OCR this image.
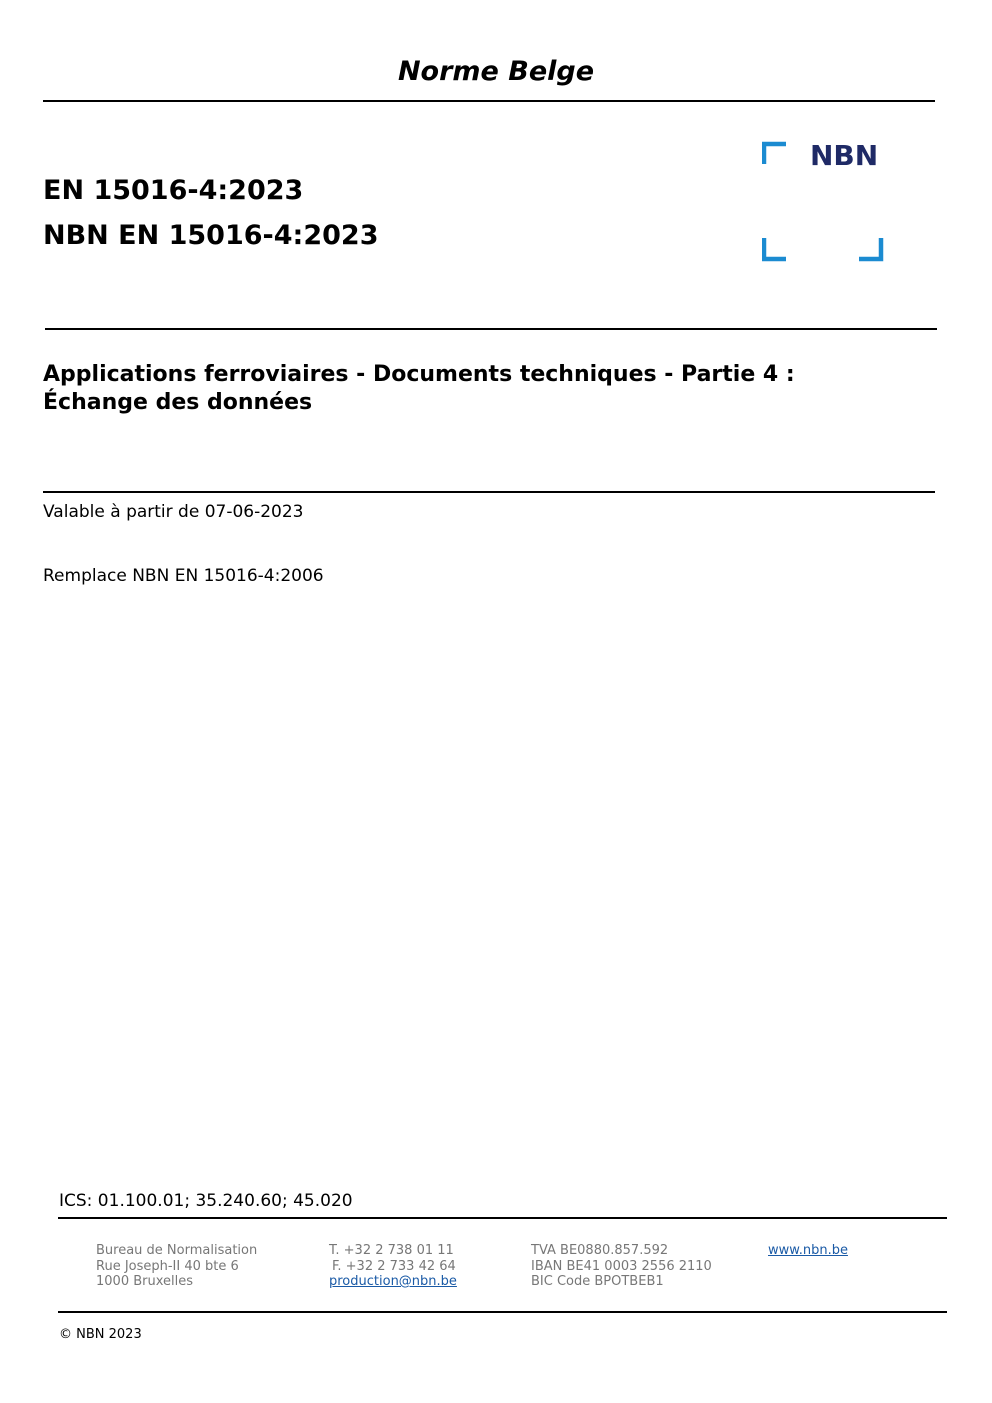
Norme Belge
EN 15016-4:2023
NBN EN 15016-4:2023
NBN
Applications ferroviaires - Documents techniques - Partie 4 :
Échange des données
Valable à partir de 07-06-2023
Remplace NBN EN 15016-4:2006
ICS: 01.100.01; 35.240.60; 45.020
Bureau de Normalisation
Rue Joseph-II 40 bte 6
1000 Bruxelles
T. +32 2 738 01 11
F. +32 2 733 42 64
production@nbn.be
TVA BE0880.857.592
IBAN BE41 0003 2556 2110
BIC Code BPOTBEB1
www.nbn.be
© NBN 2023
